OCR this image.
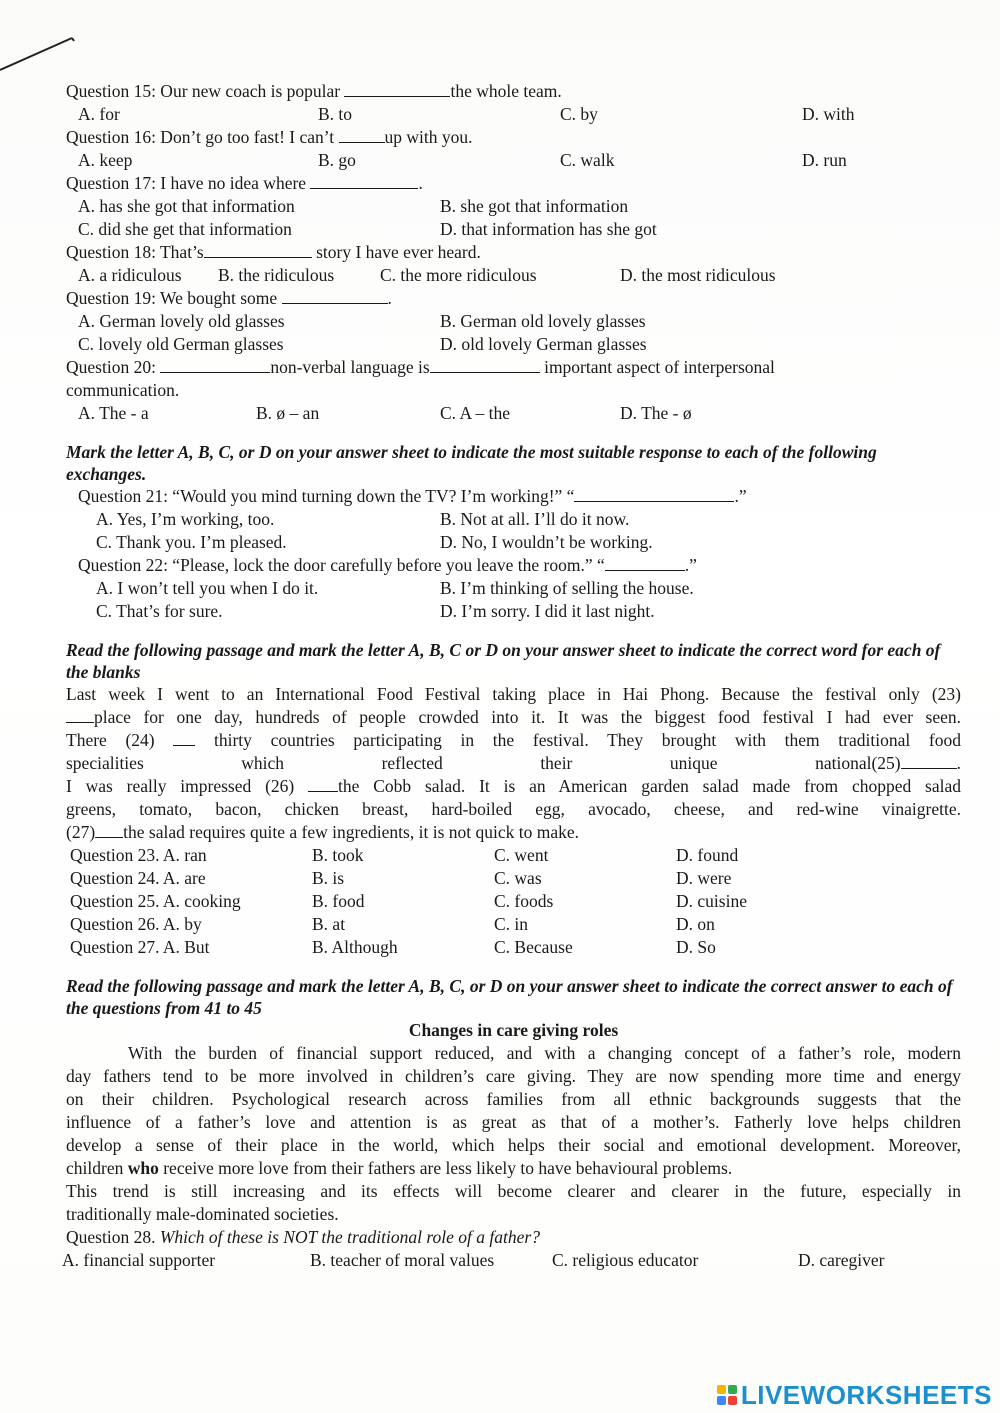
Question 15: Our new coach is popular	the whole team.
A. for	B. to	C. by	D. with
Question 16: Don’t go too fast! I can’t	up with you.
A. keep	B. go	C. walk	D. run
Question 17: I have no idea where	.
A. has she got that information	B. she got that information
C. did she get that information	D. that information has she got
Question 18: That’s	story I have ever heard.
A. a ridiculous B. the ridiculous	C. the more ridiculous	D. the most ridiculous
Question 19: We bought some	.
A. German lovely old glasses	B. German old lovely glasses
C. lovely old German glasses	D. old lovely German glasses
Question 20:	non-verbal language is	important aspect of interpersonal
communication.
A. The - a	B. ø – an	C. A – the	D. The - ø
Mark the letter A, B, C, or D on your answer sheet to indicate the most suitable response to each of the following exchanges.
Question 21: “Would you mind turning down the TV? I’m working!” “	.”
A. Yes, I’m working, too.	B. Not at all. I’ll do it now.
C. Thank you. I’m pleased.	D. No, I wouldn’t be working.
Question 22: “Please, lock the door carefully before you leave the room.” “	.”
A. I won’t tell you when I do it.	B. I’m thinking of selling the house.
C. That’s for sure.	D. I’m sorry. I did it last night.
Read the following passage and mark the letter A, B, C or D on your answer sheet to indicate the correct word for each of the blanks
Last week I went to an International Food Festival taking place in Hai Phong. Because the festival only (23)
place for one day, hundreds of people crowded into it. It was the biggest food festival I had ever seen.
There (24)  thirty countries participating in the festival. They brought with them traditional food
specialities which reflected their unique national(25)	.
I was really impressed (26) the Cobb salad. It is an American garden salad made from chopped salad
greens, tomato, bacon, chicken breast, hard-boiled egg, avocado, cheese, and red-wine vinaigrette.
(27) the salad requires quite a few ingredients, it is not quick to make.
Question 23. A. ran	B. took	C. went	D. found
Question 24. A. are	B. is	C. was	D. were
Question 25. A. cooking	B. food	C. foods	D. cuisine
Question 26. A. by	B. at	C. in	D. on
Question 27. A. But	B. Although	C. Because	D. So
Read the following passage and mark the letter A, B, C, or D on your answer sheet to indicate the correct answer to each of the questions from 41 to 45
Changes in care giving roles
With the burden of financial support reduced, and with a changing concept of a father’s role, modern
day fathers tend to be more involved in children’s care giving. They are now spending more time and energy
on their children. Psychological research across families from all ethnic backgrounds suggests that the
influence of a father’s love and attention is as great as that of a mother’s. Fatherly love helps children
develop a sense of their place in the world, which helps their social and emotional development. Moreover,
children who receive more love from their fathers are less likely to have behavioural problems.
This trend is still increasing and its effects will become clearer and clearer in the future, especially in
traditionally male-dominated societies.
Question 28. Which of these is NOT the traditional role of a father?
A. financial supporter	B. teacher of moral values	C. religious educator	D. caregiver
LIVEWORKSHEETS
